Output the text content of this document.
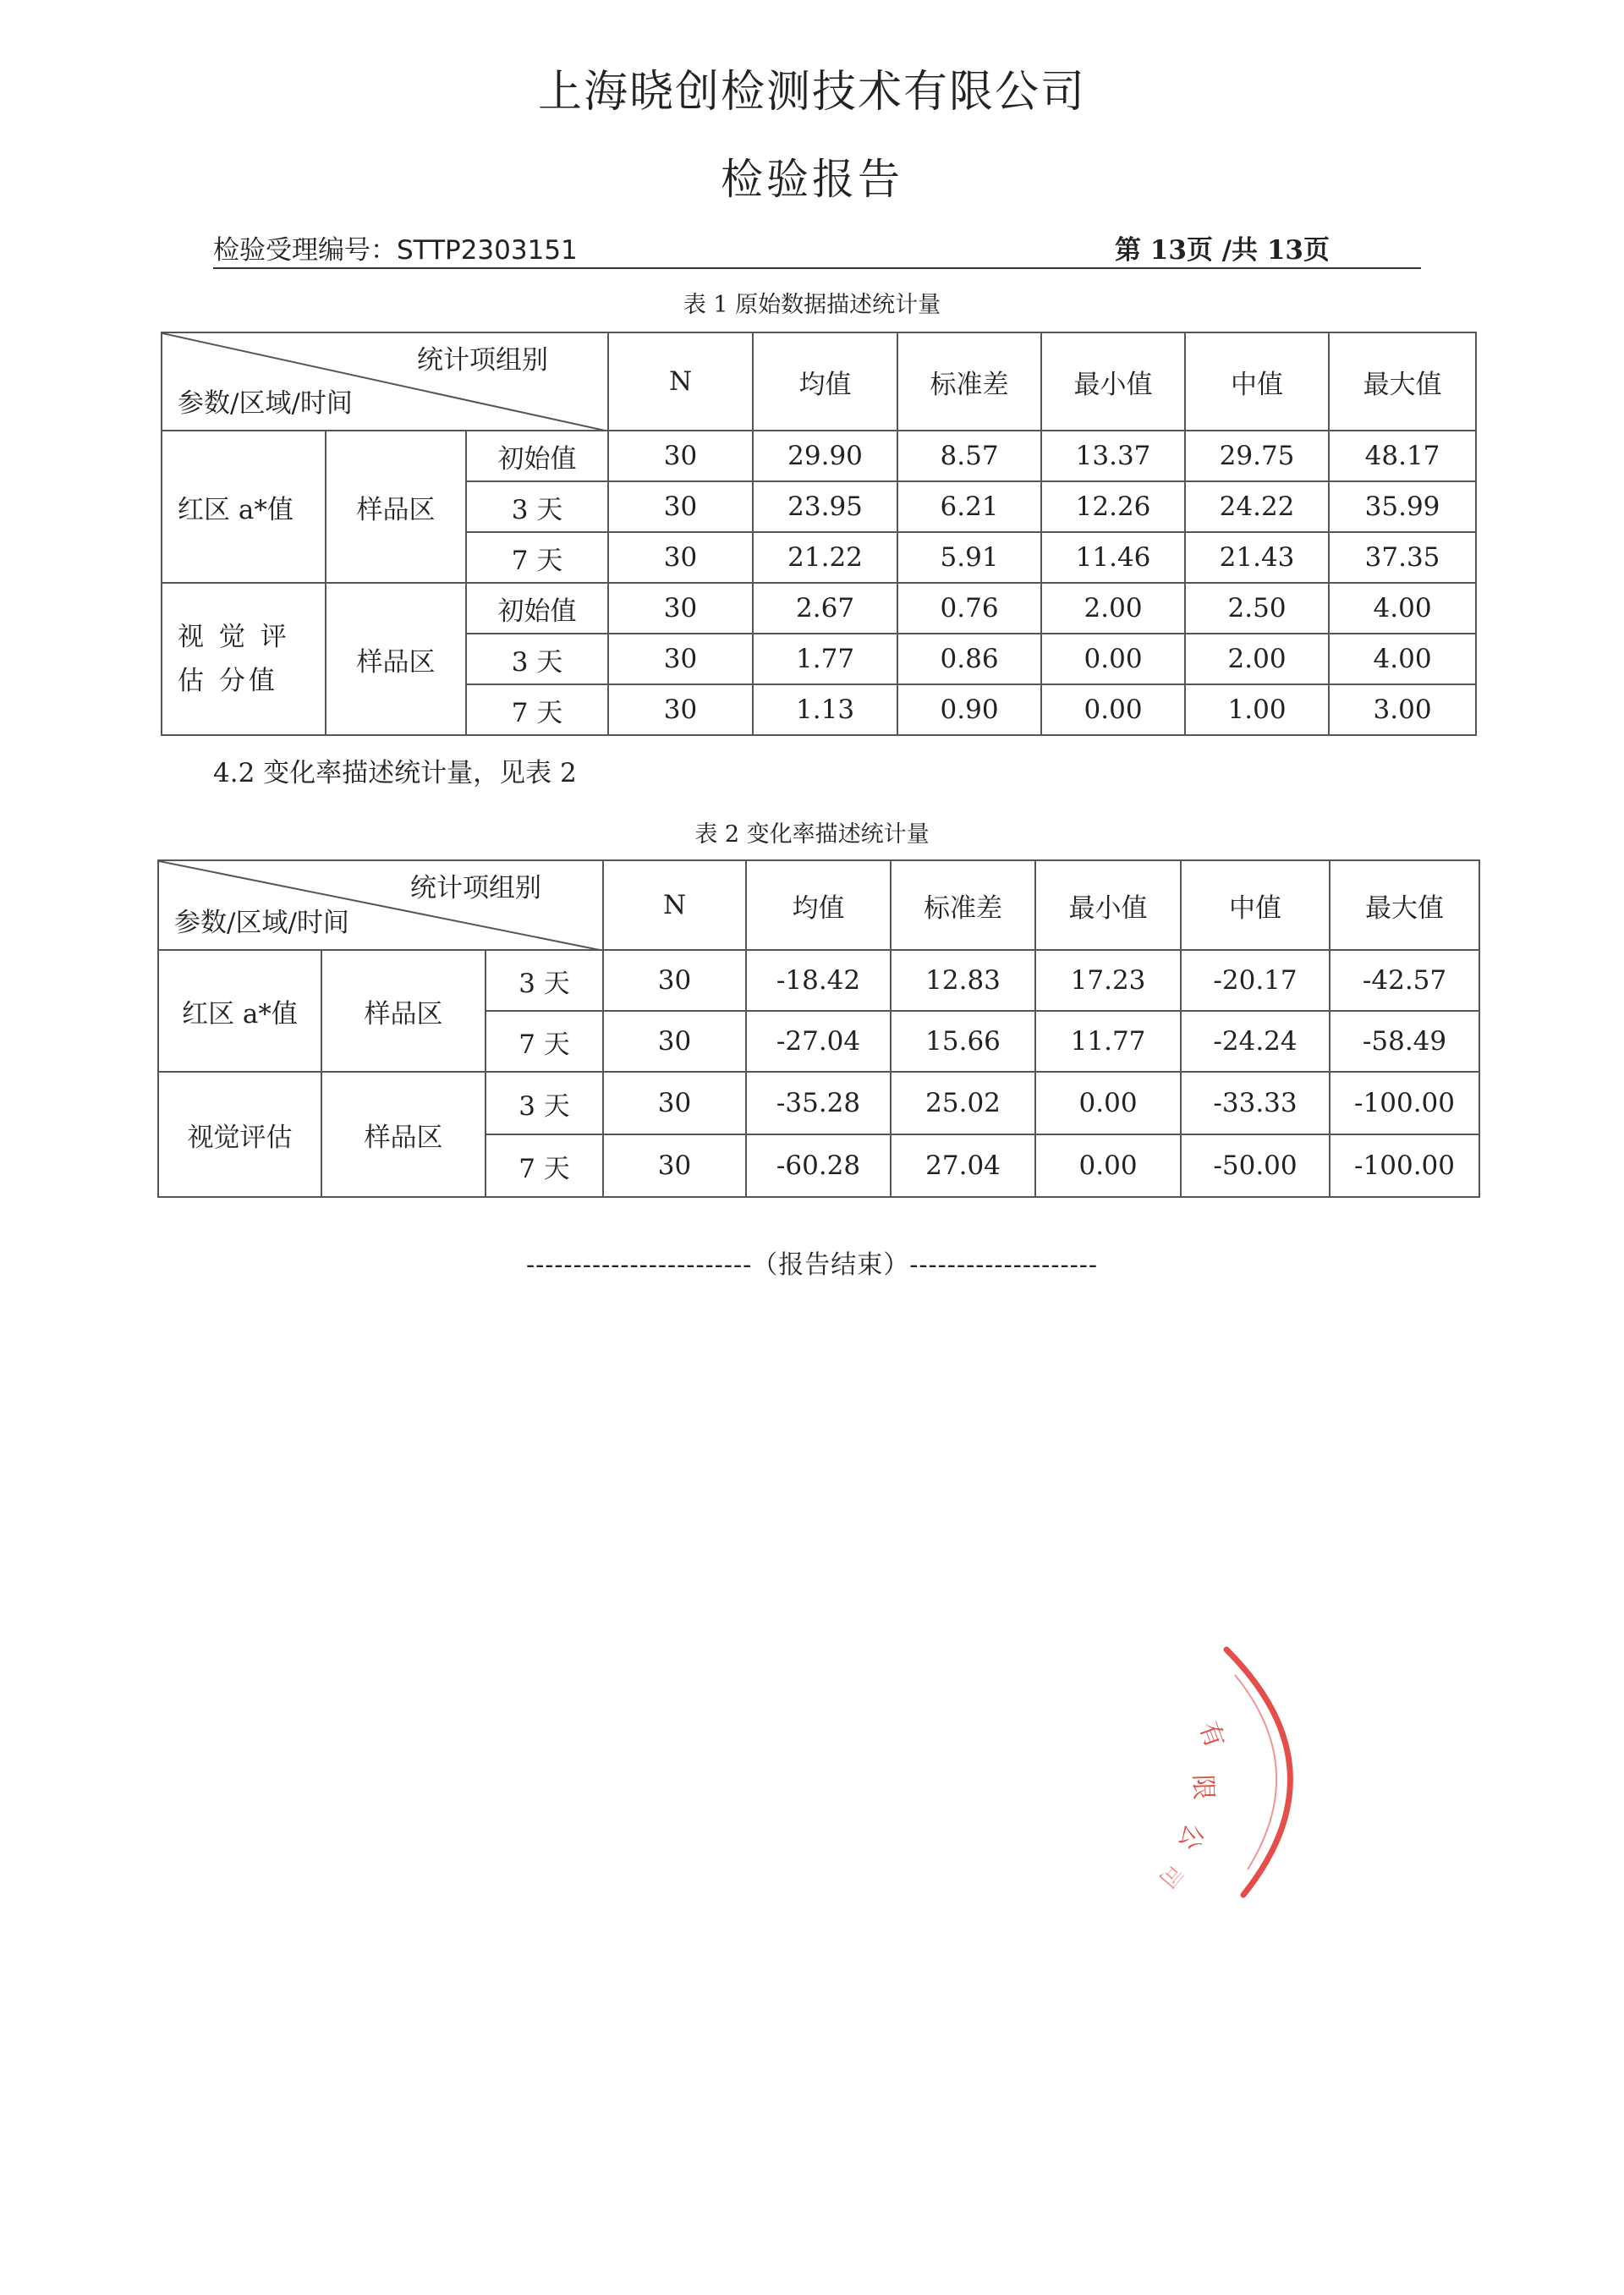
上海晓创检测技术有限公司
检验报告
检验受理编号：STTP2303151	第 13页 /共 13页
表 1 原始数据描述统计量
统计项组别
参数/区域/时间			N	均值	标准差	最小值	中值	最大值
红区 a*值	样品区	初始值	30	29.90	8.57	13.37	29.75	48.17
		3 天	30	23.95	6.21	12.26	24.22	35.99
		7 天	30	21.22	5.91	11.46	21.43	37.35
视 觉 评 估 分值	样品区	初始值	30	2.67	0.76	2.00	2.50	4.00
		3 天	30	1.77	0.86	0.00	2.00	4.00
		7 天	30	1.13	0.90	0.00	1.00	3.00
4.2 变化率描述统计量，见表 2
表 2 变化率描述统计量
统计项组别
参数/区域/时间			N	均值	标准差	最小值	中值	最大值
红区 a*值	样品区	3 天	30	-18.42	12.83	17.23	-20.17	-42.57
		7 天	30	-27.04	15.66	11.77	-24.24	-58.49
视觉评估	样品区	3 天	30	-35.28	25.02	0.00	-33.33	-100.00
		7 天	30	-60.28	27.04	0.00	-50.00	-100.00
------------------------（报告结束）--------------------
有
限
公
司
